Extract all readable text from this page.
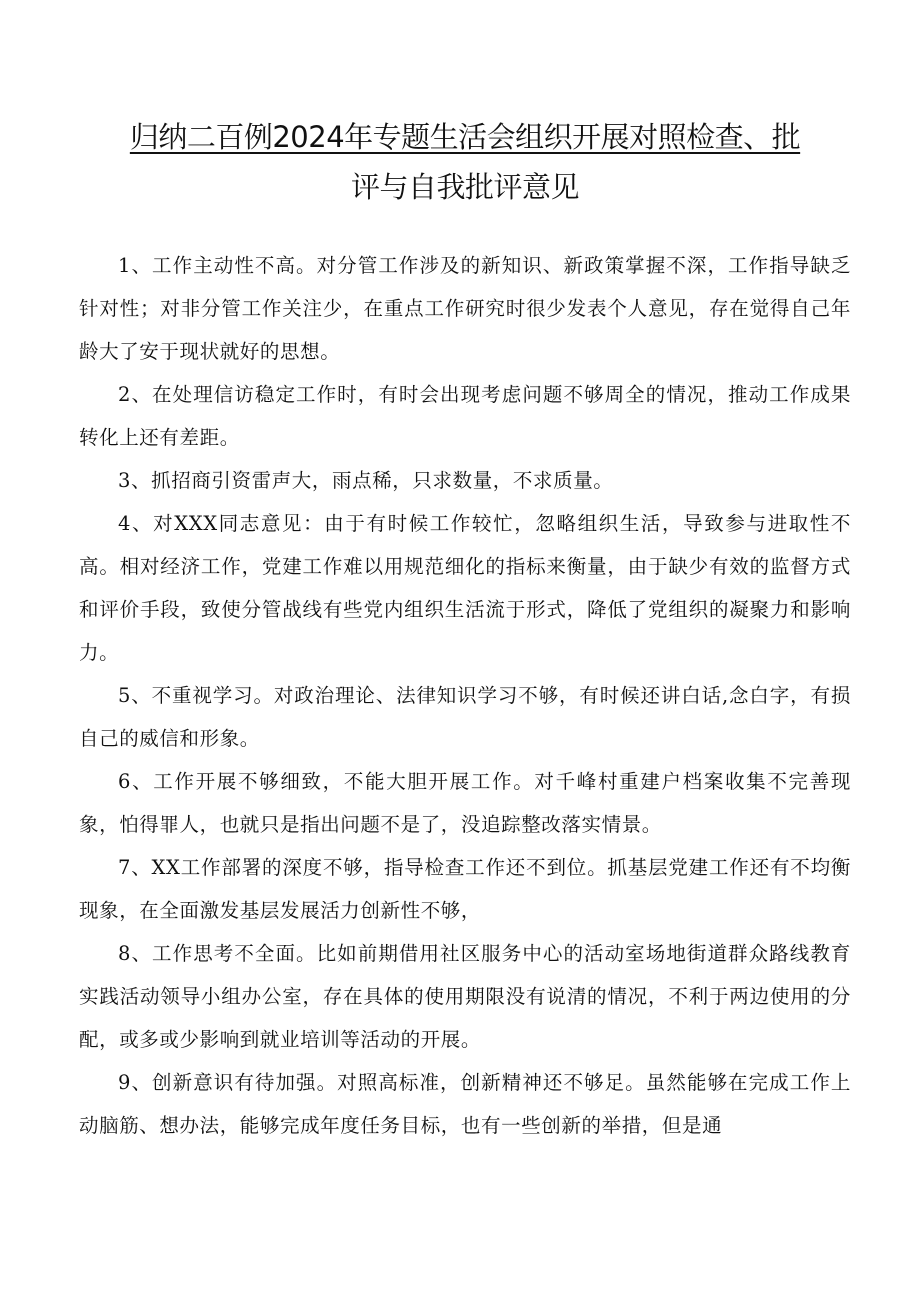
归纳二百例2024年专题生活会组织开展对照检查、批
评与自我批评意见

1、工作主动性不高。对分管工作涉及的新知识、新政策掌握不深，工作指导缺乏针对性；对非分管工作关注少，在重点工作研究时很少发表个人意见，存在觉得自己年龄大了安于现状就好的思想。

2、在处理信访稳定工作时，有时会出现考虑问题不够周全的情况，推动工作成果转化上还有差距。

3、抓招商引资雷声大，雨点稀，只求数量，不求质量。

4、对XXX同志意见：由于有时候工作较忙，忽略组织生活，导致参与进取性不高。相对经济工作，党建工作难以用规范细化的指标来衡量，由于缺少有效的监督方式和评价手段，致使分管战线有些党内组织生活流于形式，降低了党组织的凝聚力和影响力。

5、不重视学习。对政治理论、法律知识学习不够，有时候还讲白话,念白字，有损自己的威信和形象。

6、工作开展不够细致，不能大胆开展工作。对千峰村重建户档案收集不完善现象，怕得罪人，也就只是指出问题不是了，没追踪整改落实情景。

7、XX工作部署的深度不够，指导检查工作还不到位。抓基层党建工作还有不均衡现象，在全面激发基层发展活力创新性不够，

8、工作思考不全面。比如前期借用社区服务中心的活动室场地街道群众路线教育实践活动领导小组办公室，存在具体的使用期限没有说清的情况，不利于两边使用的分配，或多或少影响到就业培训等活动的开展。

9、创新意识有待加强。对照高标准，创新精神还不够足。虽然能够在完成工作上动脑筋、想办法，能够完成年度任务目标，也有一些创新的举措，但是通
